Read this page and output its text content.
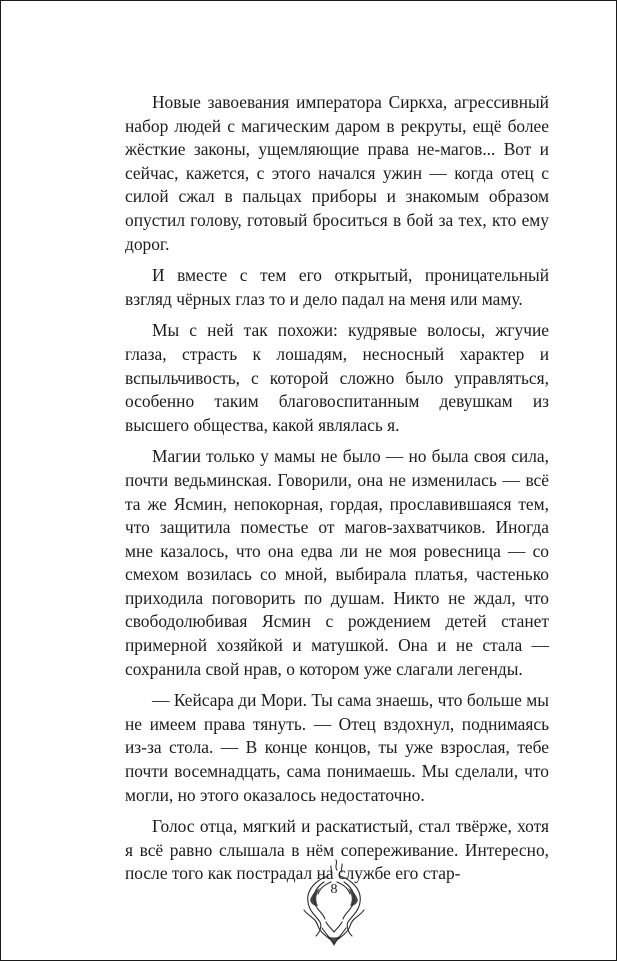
Новые завоевания императора Сиркха, агрессивный набор людей с магическим даром в рекруты, ещё более жёсткие законы, ущемляющие права не-магов... Вот и сейчас, кажется, с этого начался ужин — когда отец с силой сжал в пальцах приборы и знакомым образом опустил голову, готовый броситься в бой за тех, кто ему дорог.

И вместе с тем его открытый, проницательный взгляд чёрных глаз то и дело падал на меня или маму.

Мы с ней так похожи: кудрявые волосы, жгучие глаза, страсть к лошадям, несносный характер и вспыльчивость, с которой сложно было управляться, особенно таким благовоспитанным девушкам из высшего общества, какой являлась я.

Магии только у мамы не было — но была своя сила, почти ведьминская. Говорили, она не изменилась — всё та же Ясмин, непокорная, гордая, прославившаяся тем, что защитила поместье от магов-захватчиков. Иногда мне казалось, что она едва ли не моя ровесница — со смехом возилась со мной, выбирала платья, частенько приходила поговорить по душам. Никто не ждал, что свободолюбивая Ясмин с рождением детей станет примерной хозяйкой и матушкой. Она и не стала — сохранила свой нрав, о котором уже слагали легенды.

— Кейсара ди Мори. Ты сама знаешь, что больше мы не имеем права тянуть. — Отец вздохнул, поднимаясь из-за стола. — В конце концов, ты уже взрослая, тебе почти восемнадцать, сама понимаешь. Мы сделали, что могли, но этого оказалось недостаточно.

Голос отца, мягкий и раскатистый, стал твёрже, хотя я всё равно слышала в нём сопереживание. Интересно, после того как пострадал на службе его стар-

8
